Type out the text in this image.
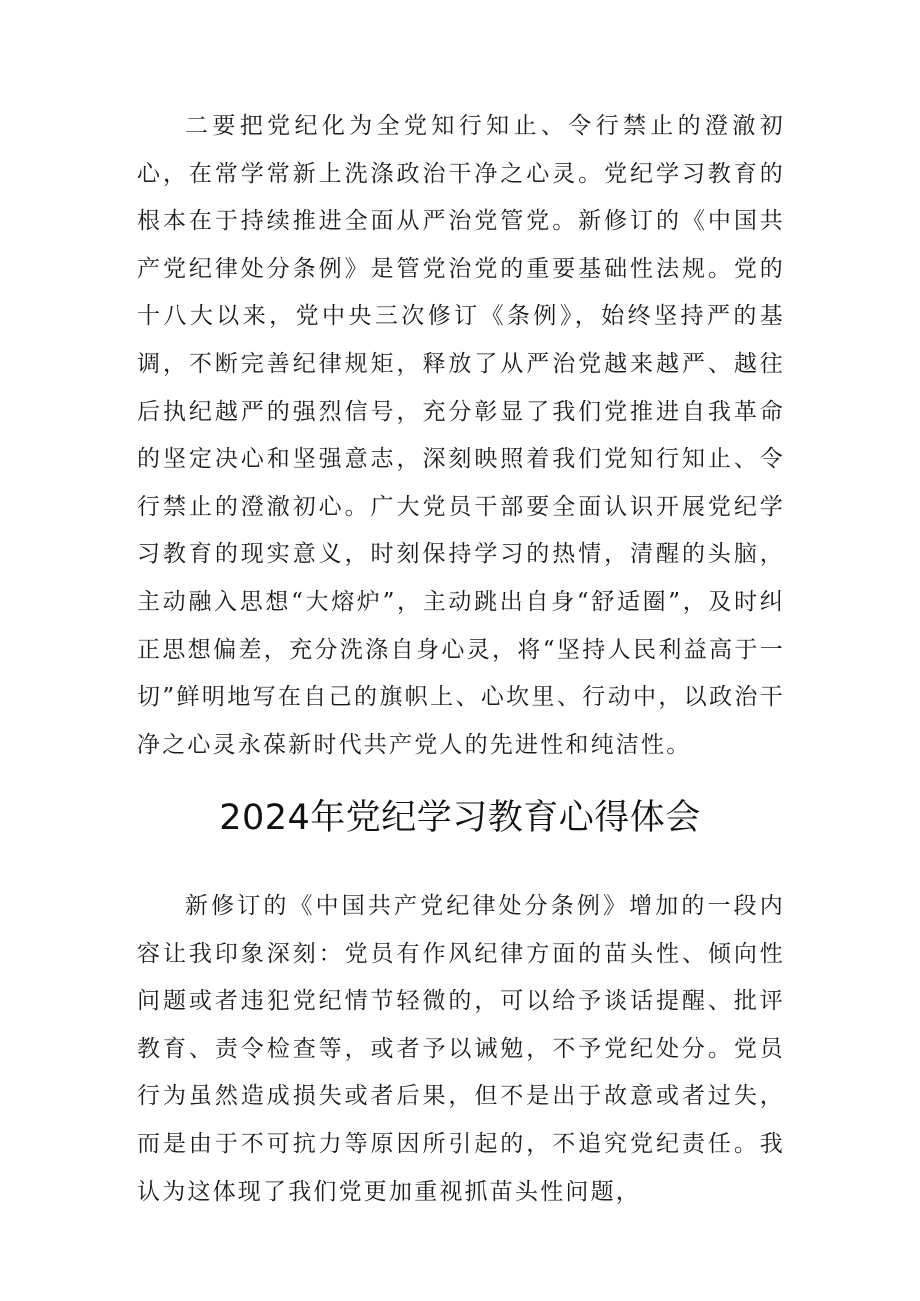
二要把党纪化为全党知行知止、令行禁止的澄澈初心，在常学常新上洗涤政治干净之心灵。党纪学习教育的根本在于持续推进全面从严治党管党。新修订的《中国共产党纪律处分条例》是管党治党的重要基础性法规。党的十八大以来，党中央三次修订《条例》，始终坚持严的基调，不断完善纪律规矩，释放了从严治党越来越严、越往后执纪越严的强烈信号，充分彰显了我们党推进自我革命的坚定决心和坚强意志，深刻映照着我们党知行知止、令行禁止的澄澈初心。广大党员干部要全面认识开展党纪学习教育的现实意义，时刻保持学习的热情，清醒的头脑，主动融入思想“大熔炉”，主动跳出自身“舒适圈”，及时纠正思想偏差，充分洗涤自身心灵，将“坚持人民利益高于一切”鲜明地写在自己的旗帜上、心坎里、行动中，以政治干净之心灵永葆新时代共产党人的先进性和纯洁性。

2024年党纪学习教育心得体会

新修订的《中国共产党纪律处分条例》增加的一段内容让我印象深刻：党员有作风纪律方面的苗头性、倾向性问题或者违犯党纪情节轻微的，可以给予谈话提醒、批评教育、责令检查等，或者予以诫勉，不予党纪处分。党员行为虽然造成损失或者后果，但不是出于故意或者过失，而是由于不可抗力等原因所引起的，不追究党纪责任。我认为这体现了我们党更加重视抓苗头性问题，
